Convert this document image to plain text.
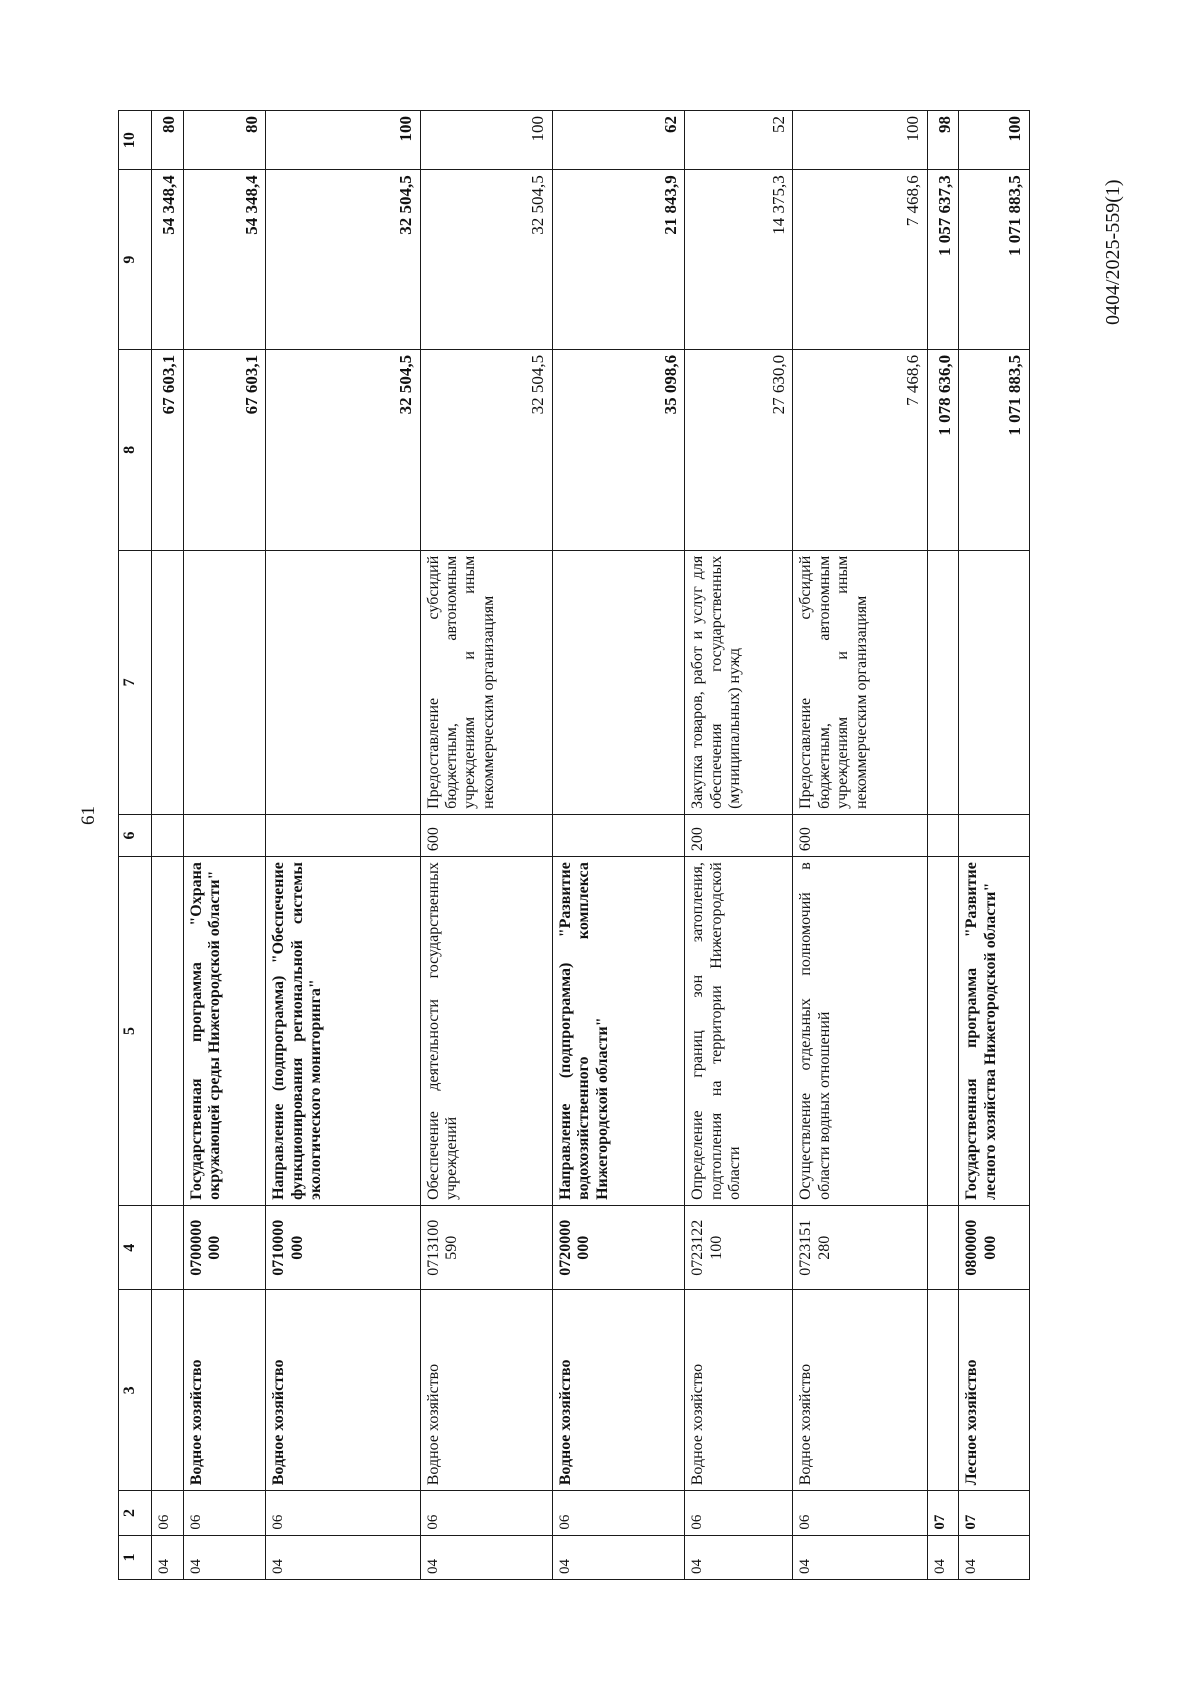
61
1	2	3	4	5	6	7	8	9	10
04	06						67 603,1	54 348,4	80
04	06	Водное хозяйство	0700000 000	Государственная программа "Охрана окружающей среды Нижегородской области"			67 603,1	54 348,4	80
04	06	Водное хозяйство	0710000 000	Направление (подпрограмма) "Обеспечение функционирования региональной системы экологического мониторинга"			32 504,5	32 504,5	100
04	06	Водное хозяйство	0713100 590	Обеспечение деятельности государственных учреждений	600	Предоставление субсидий бюджетным, автономным учреждениям и иным некоммерческим организациям	32 504,5	32 504,5	100
04	06	Водное хозяйство	0720000 000	Направление (подпрограмма) "Развитие водохозяйственного комплекса Нижегородской области"			35 098,6	21 843,9	62
04	06	Водное хозяйство	0723122 100	Определение границ зон затопления, подтопления на территории Нижегородской области	200	Закупка товаров, работ и услуг для обеспечения государственных (муниципальных) нужд	27 630,0	14 375,3	52
04	06	Водное хозяйство	0723151 280	Осуществление отдельных полномочий в области водных отношений	600	Предоставление субсидий бюджетным, автономным учреждениям и иным некоммерческим организациям	7 468,6	7 468,6	100
04	07						1 078 636,0	1 057 637,3	98
04	07	Лесное хозяйство	0800000 000	Государственная программа "Развитие лесного хозяйства Нижегородской области"			1 071 883,5	1 071 883,5	100
0404/2025-559(1)
